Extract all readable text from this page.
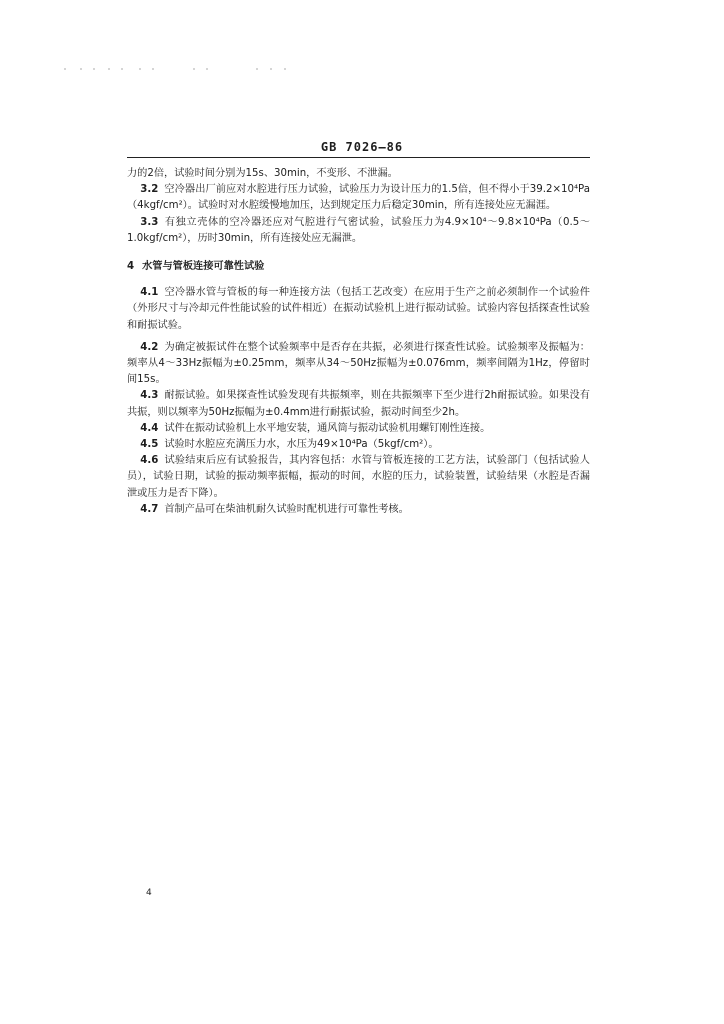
GB 7026—86

力的2倍，试验时间分别为15s、30min，不变形、不泄漏。

3.2 空冷器出厂前应对水腔进行压力试验，试验压力为设计压力的1.5倍，但不得小于39.2×10⁴Pa（4kgf/cm²）。试验时对水腔缓慢地加压，达到规定压力后稳定30min，所有连接处应无漏涯。

3.3 有独立壳体的空冷器还应对气腔进行气密试验，试验压力为4.9×10⁴～9.8×10⁴Pa（0.5～1.0kgf/cm²），历时30min，所有连接处应无漏泄。

4 水管与管板连接可靠性试验

4.1 空冷器水管与管板的每一种连接方法（包括工艺改变）在应用于生产之前必须制作一个试验件（外形尺寸与冷却元件性能试验的试件相近）在振动试验机上进行振动试验。试验内容包括探查性试验和耐振试验。

4.2 为确定被振试件在整个试验频率中是否存在共振，必须进行探查性试验。试验频率及振幅为：频率从4～33Hz振幅为±0.25mm，频率从34～50Hz振幅为±0.076mm，频率间隔为1Hz，停留时间15s。

4.3 耐振试验。如果探查性试验发现有共振频率，则在共振频率下至少进行2h耐振试验。如果没有共振，则以频率为50Hz振幅为±0.4mm进行耐振试验，振动时间至少2h。

4.4 试件在振动试验机上水平地安装，通风筒与振动试验机用螺钉刚性连接。

4.5 试验时水腔应充满压力水，水压为49×10⁴Pa（5kgf/cm²）。

4.6 试验结束后应有试验报告，其内容包括：水管与管板连接的工艺方法，试验部门（包括试验人员），试验日期，试验的振动频率振幅，振动的时间，水腔的压力，试验装置，试验结果（水腔是否漏泄或压力是否下降）。

4.7 首制产品可在柴油机耐久试验时配机进行可靠性考核。

4
